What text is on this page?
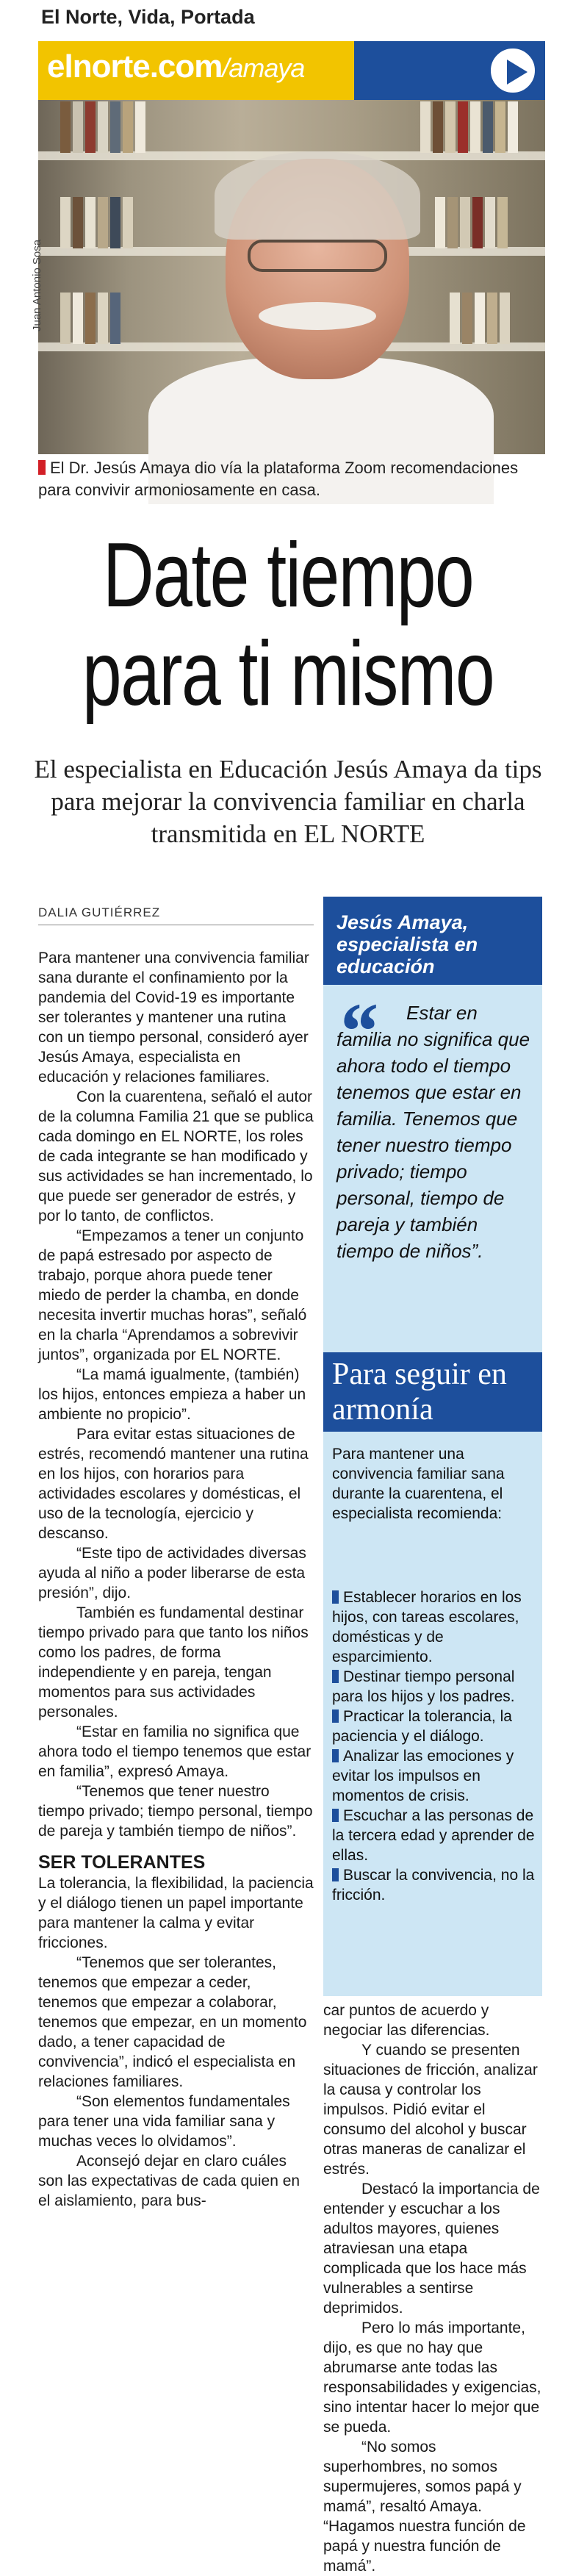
El Norte, Vida, Portada
elnorte.com/amaya
Juan Antonio Sosa
El Dr. Jesús Amaya dio vía la plataforma Zoom recomendaciones para convivir armoniosamente en casa.
Date tiempo
para ti mismo
El especialista en Educación Jesús Amaya da tips para mejorar la convivencia familiar en charla transmitida en EL NORTE
DALIA GUTIÉRREZ

Para mantener una convivencia familiar sana durante el confinamiento por la pandemia del Covid-19 es importante ser tolerantes y mantener una rutina con un tiempo personal, consideró ayer Jesús Amaya, especialista en educación y relaciones familiares.

Con la cuarentena, señaló el autor de la columna Familia 21 que se publica cada domingo en EL NORTE, los roles de cada integrante se han modificado y sus actividades se han incrementado, lo que puede ser generador de estrés, y por lo tanto, de conflictos.

“Empezamos a tener un conjunto de papá estresado por aspecto de trabajo, porque ahora puede tener miedo de perder la chamba, en donde necesita invertir muchas horas”, señaló en la charla “Aprendamos a sobrevivir juntos”, organizada por EL NORTE.

“La mamá igualmente, (también) los hijos, entonces empieza a haber un ambiente no propicio”.

Para evitar estas situaciones de estrés, recomendó mantener una rutina en los hijos, con horarios para actividades escolares y domésticas, el uso de la tecnología, ejercicio y descanso.

“Este tipo de actividades diversas ayuda al niño a poder liberarse de esta presión”, dijo.

También es fundamental destinar tiempo privado para que tanto los niños como los padres, de forma independiente y en pareja, tengan momentos para sus actividades personales.

“Estar en familia no significa que ahora todo el tiempo tenemos que estar en familia”, expresó Amaya.

“Tenemos que tener nuestro tiempo privado; tiempo personal, tiempo de pareja y también tiempo de niños”.

SER TOLERANTES

La tolerancia, la flexibilidad, la paciencia y el diálogo tienen un papel importante para mantener la calma y evitar fricciones.

“Tenemos que ser tolerantes, tenemos que empezar a ceder, tenemos que empezar a colaborar, tenemos que empezar, en un momento dado, a tener capacidad de convivencia”, indicó el especialista en relaciones familiares.

“Son elementos fundamentales para tener una vida familiar sana y muchas veces lo olvidamos”.

Aconsejó dejar en claro cuáles son las expectativas de cada quien en el aislamiento, para bus-

car puntos de acuerdo y negociar las diferencias.

Y cuando se presenten situaciones de fricción, analizar la causa y controlar los impulsos. Pidió evitar el consumo del alcohol y buscar otras maneras de canalizar el estrés.

Destacó la importancia de entender y escuchar a los adultos mayores, quienes atraviesan una etapa complicada que los hace más vulnerables a sentirse deprimidos.

Pero lo más importante, dijo, es que no hay que abrumarse ante todas las responsabilidades y exigencias, sino intentar hacer lo mejor que se pueda.

“No somos superhombres, no somos supermujeres, somos papá y mamá”, resaltó Amaya. “Hagamos nuestra función de papá y nuestra función de mamá”.

Jesús Amaya, especialista en educación
“	Estar en familia no significa que ahora todo el tiempo tenemos que estar en familia. Tenemos que tener nuestro tiempo privado; tiempo personal, tiempo de pareja y también tiempo de niños”.
Para seguir en armonía
Para mantener una convivencia familiar sana durante la cuarentena, el especialista recomienda:
Establecer horarios en los hijos, con tareas escolares, domésticas y de esparcimiento.
Destinar tiempo personal para los hijos y los padres.
Practicar la tolerancia, la paciencia y el diálogo.
Analizar las emociones y evitar los impulsos en momentos de crisis.
Escuchar a las personas de la tercera edad y aprender de ellas.
Buscar la convivencia, no la fricción.
